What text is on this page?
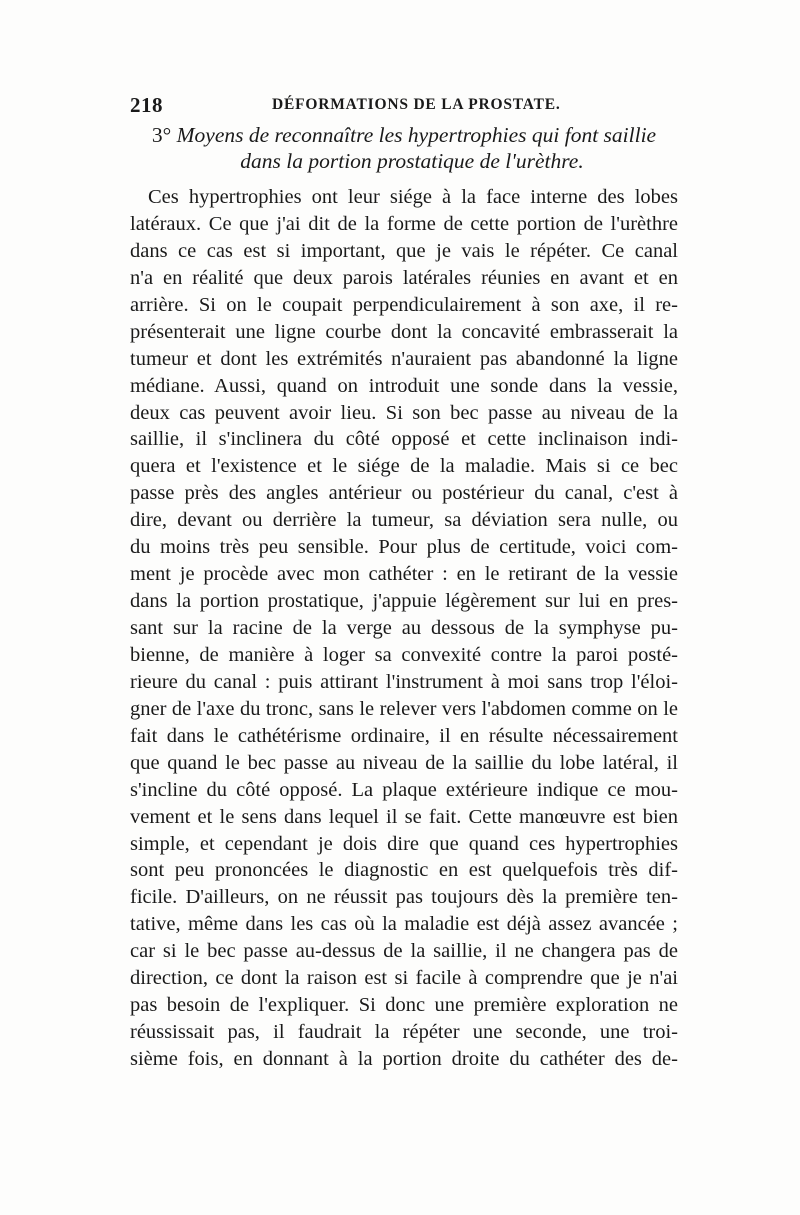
218	DÉFORMATIONS DE LA PROSTATE.
3° Moyens de reconnaître les hypertrophies qui font saillie dans la portion prostatique de l'urèthre.
Ces hypertrophies ont leur siége à la face interne des lobes
latéraux. Ce que j'ai dit de la forme de cette portion de l'urèthre
dans ce cas est si important, que je vais le répéter. Ce canal
n'a en réalité que deux parois latérales réunies en avant et en
arrière. Si on le coupait perpendiculairement à son axe, il re-
présenterait une ligne courbe dont la concavité embrasserait la
tumeur et dont les extrémités n'auraient pas abandonné la ligne
médiane. Aussi, quand on introduit une sonde dans la vessie,
deux cas peuvent avoir lieu. Si son bec passe au niveau de la
saillie, il s'inclinera du côté opposé et cette inclinaison indi-
quera et l'existence et le siége de la maladie. Mais si ce bec
passe près des angles antérieur ou postérieur du canal, c'est à
dire, devant ou derrière la tumeur, sa déviation sera nulle, ou
du moins très peu sensible. Pour plus de certitude, voici com-
ment je procède avec mon cathéter : en le retirant de la vessie
dans la portion prostatique, j'appuie légèrement sur lui en pres-
sant sur la racine de la verge au dessous de la symphyse pu-
bienne, de manière à loger sa convexité contre la paroi posté-
rieure du canal : puis attirant l'instrument à moi sans trop l'éloi-
gner de l'axe du tronc, sans le relever vers l'abdomen comme on le
fait dans le cathétérisme ordinaire, il en résulte nécessairement
que quand le bec passe au niveau de la saillie du lobe latéral, il
s'incline du côté opposé. La plaque extérieure indique ce mou-
vement et le sens dans lequel il se fait. Cette manœuvre est bien
simple, et cependant je dois dire que quand ces hypertrophies
sont peu prononcées le diagnostic en est quelquefois très dif-
ficile. D'ailleurs, on ne réussit pas toujours dès la première ten-
tative, même dans les cas où la maladie est déjà assez avancée ;
car si le bec passe au-dessus de la saillie, il ne changera pas de
direction, ce dont la raison est si facile à comprendre que je n'ai
pas besoin de l'expliquer. Si donc une première exploration ne
réussissait pas, il faudrait la répéter une seconde, une troi-
sième fois, en donnant à la portion droite du cathéter des de-
